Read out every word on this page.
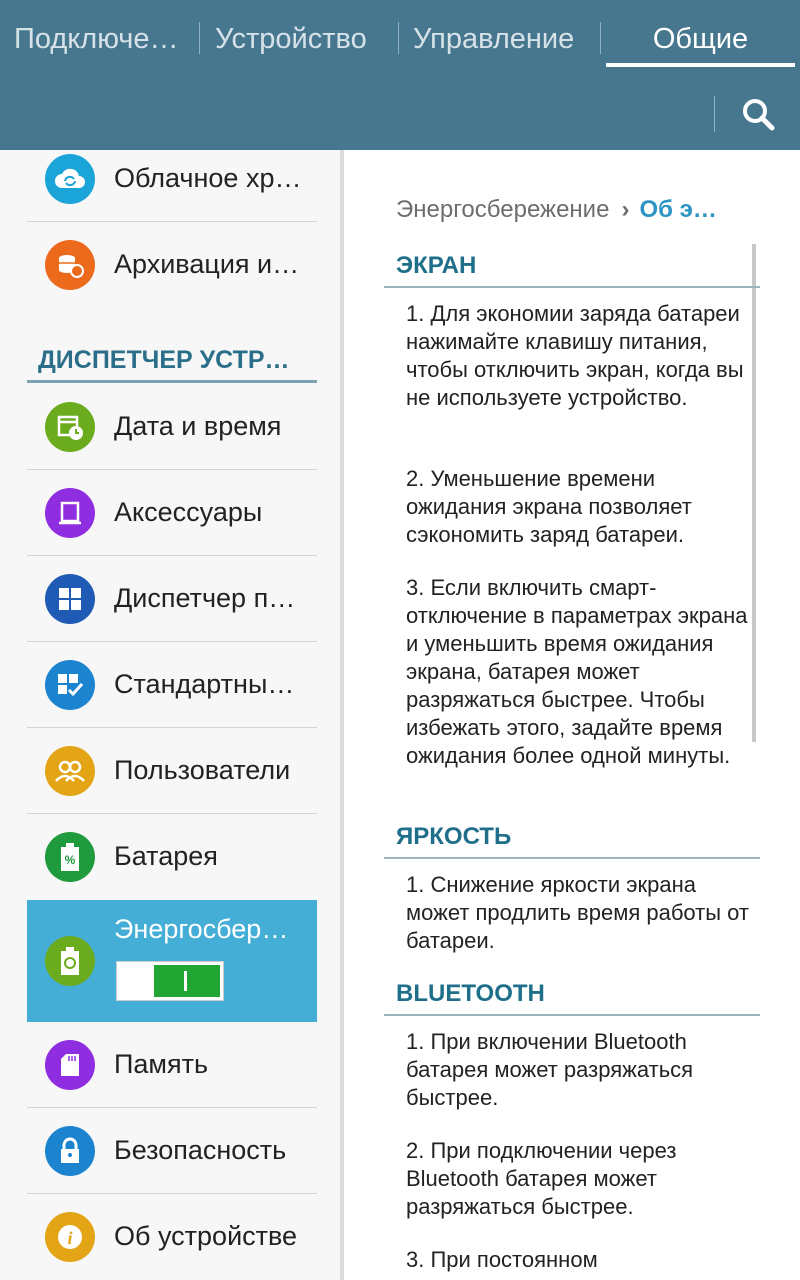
Подключе…	Устройство	Управление	Общие
Облачное хр…
Архивация и…
ДИСПЕТЧЕР УСТР…
Дата и время
Аксессуары
Диспетчер п…
Стандартны…
Пользователи
% Батарея
Энергосбер…
Память
Безопасность
i Об устройстве
Энергосбережение › Об э…
ЭКРАН
1. Для экономии заряда батареи нажимайте клавишу питания, чтобы отключить экран, когда вы не используете устройство.
2. Уменьшение времени ожидания экрана позволяет сэкономить заряд батареи.
3. Если включить смарт-отключение в параметрах экрана и уменьшить время ожидания экрана, батарея может разряжаться быстрее. Чтобы избежать этого, задайте время ожидания более одной минуты.
ЯРКОСТЬ
1. Снижение яркости экрана может продлить время работы от батареи.
BLUETOOTH
1. При включении Bluetooth батарея может разряжаться быстрее.
2. При подключении через Bluetooth батарея может разряжаться быстрее.
3. При постоянном
